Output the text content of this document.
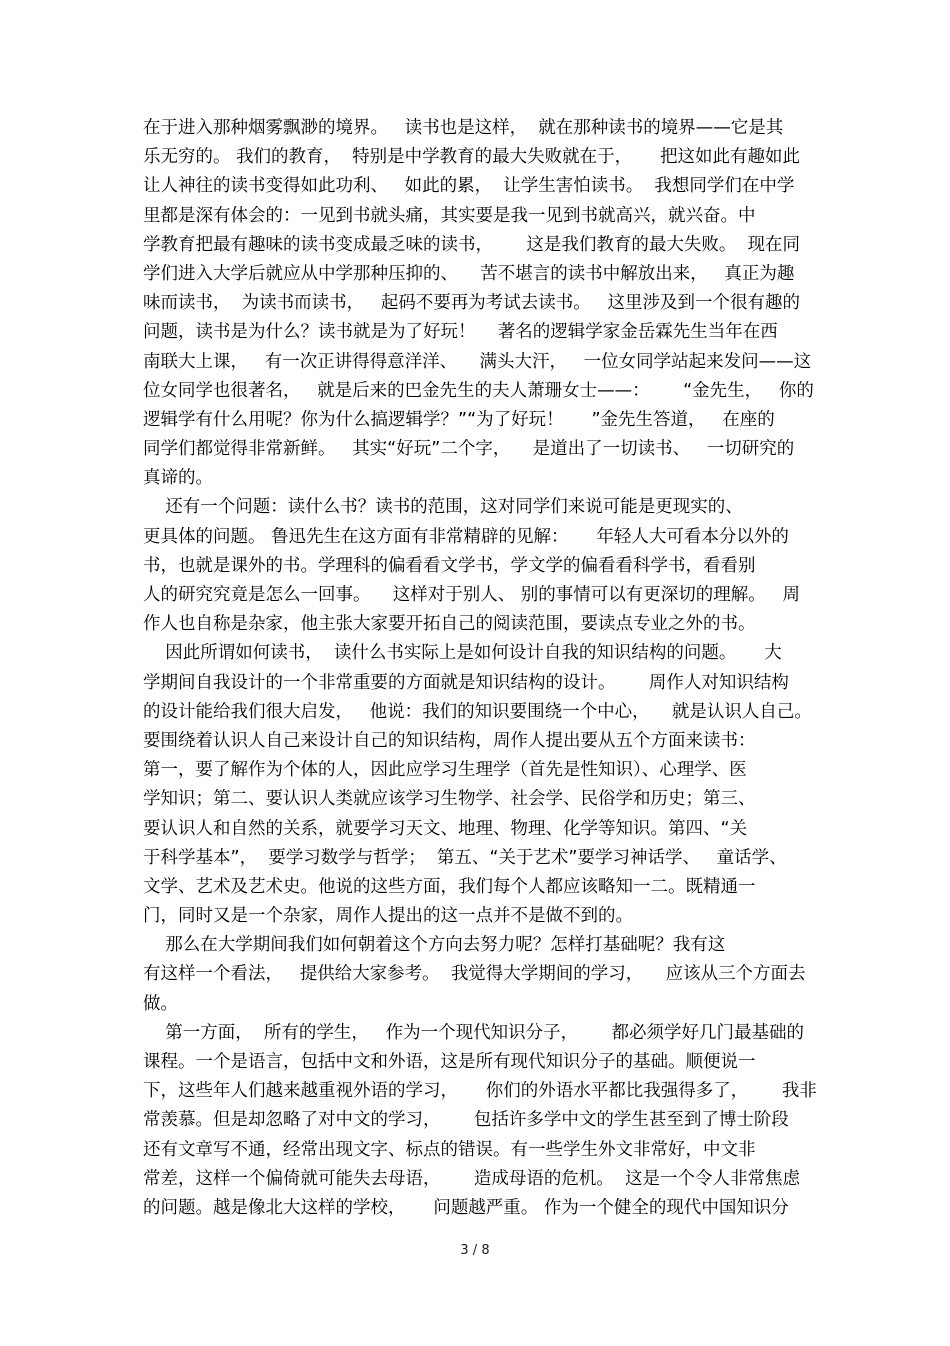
在于进入那种烟雾飘渺的境界。   读书也是这样，  就在那种读书的境界——它是其
乐无穷的。 我们的教育，  特别是中学教育的最大失败就在于，     把这如此有趣如此
让人神往的读书变得如此功利、   如此的累，  让学生害怕读书。  我想同学们在中学
里都是深有体会的：一见到书就头痛，其实要是我一见到书就高兴，就兴奋。中
学教育把最有趣味的读书变成最乏味的读书，      这是我们教育的最大失败。  现在同
学们进入大学后就应从中学那种压抑的、    苦不堪言的读书中解放出来，   真正为趣
味而读书，  为读书而读书，   起码不要再为考试去读书。   这里涉及到一个很有趣的
问题，读书是为什么？读书就是为了好玩！    著名的逻辑学家金岳霖先生当年在西
南联大上课，   有一次正讲得得意洋洋、    满头大汗，   一位女同学站起来发问——这
位女同学也很著名，   就是后来的巴金先生的夫人萧珊女士——：      “金先生，   你的
逻辑学有什么用呢？你为什么搞逻辑学？”“为了好玩！     ”金先生答道，   在座的
同学们都觉得非常新鲜。   其实“好玩”二个字，    是道出了一切读书、   一切研究的
真谛的。
还有一个问题：读什么书？读书的范围，这对同学们来说可能是更现实的、
更具体的问题。 鲁迅先生在这方面有非常精辟的见解：     年轻人大可看本分以外的
书，也就是课外的书。学理科的偏看看文学书，学文学的偏看看科学书，看看别
人的研究究竟是怎么一回事。    这样对于别人、 别的事情可以有更深切的理解。   周
作人也自称是杂家，他主张大家要开拓自己的阅读范围，要读点专业之外的书。
因此所谓如何读书，  读什么书实际上是如何设计自我的知识结构的问题。     大
学期间自我设计的一个非常重要的方面就是知识结构的设计。      周作人对知识结构
的设计能给我们很大启发，   他说：我们的知识要围绕一个中心，    就是认识人自己。
要围绕着认识人自己来设计自己的知识结构，周作人提出要从五个方面来读书：
第一，要了解作为个体的人，因此应学习生理学（首先是性知识）、心理学、医
学知识；第二、要认识人类就应该学习生物学、社会学、民俗学和历史；第三、
要认识人和自然的关系，就要学习天文、地理、物理、化学等知识。第四、“关
于科学基本”，  要学习数学与哲学；  第五、“关于艺术”要学习神话学、   童话学、
文学、艺术及艺术史。他说的这些方面，我们每个人都应该略知一二。既精通一
门，同时又是一个杂家，周作人提出的这一点并不是做不到的。
那么在大学期间我们如何朝着这个方向去努力呢？怎样打基础呢？我有这
有这样一个看法，   提供给大家参考。  我觉得大学期间的学习，    应该从三个方面去
做。
第一方面，  所有的学生，   作为一个现代知识分子，      都必须学好几门最基础的
课程。一个是语言，包括中文和外语，这是所有现代知识分子的基础。顺便说一
下，这些年人们越来越重视外语的学习，     你们的外语水平都比我强得多了，      我非
常羡慕。但是却忽略了对中文的学习，      包括许多学中文的学生甚至到了博士阶段
还有文章写不通，经常出现文字、标点的错误。有一些学生外文非常好，中文非
常差，这样一个偏倚就可能失去母语，      造成母语的危机。  这是一个令人非常焦虑
的问题。越是像北大这样的学校，     问题越严重。 作为一个健全的现代中国知识分
3 / 8
